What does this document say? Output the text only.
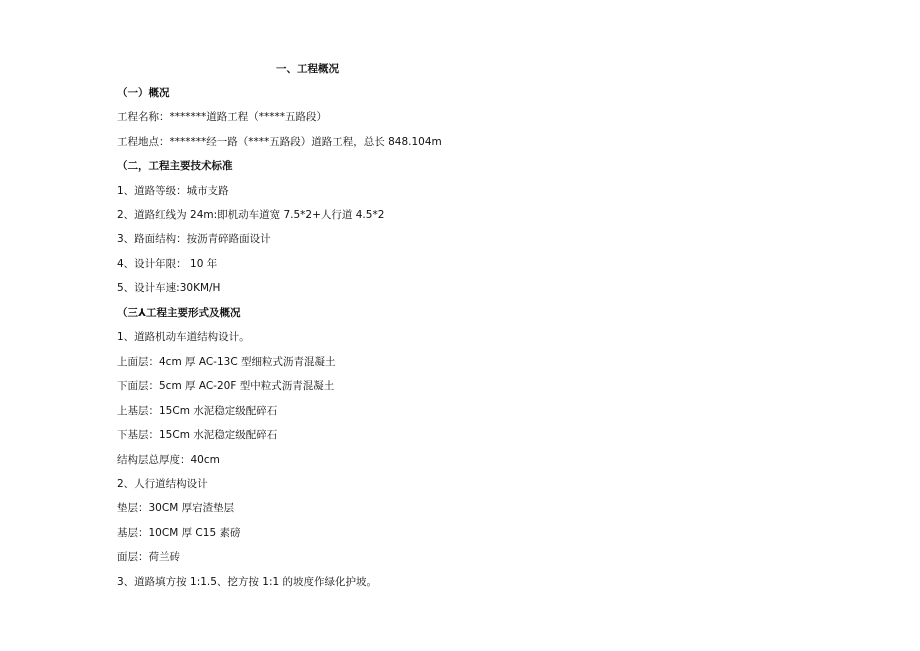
一、工程概况

（一）概况

工程名称：*******道路工程（*****五路段）

工程地点：*******经一路（****五路段）道路工程，总长 848.104m

（二，工程主要技术标准

1、道路等级：城市支路

2、道路红线为 24m:即机动车道宽 7.5*2+人行道 4.5*2

3、路面结构：按沥青碎路面设计

4、设计年限： 10 年

5、设计车速:30KM/H

（三⅄工程主要形式及概况

1、道路机动车道结构设计。

上面层：4cm 厚 AC-13C 型细粒式沥青混凝土

下面层：5cm 厚 AC-20F 型中粒式沥青混凝土

上基层：15Cm 水泥稳定级配碎石

下基层：15Cm 水泥稳定级配碎石

结构层总厚度：40cm

2、人行道结构设计

垫层：30CM 厚宕渣垫层

基层：10CM 厚 C15 素磅

面层：荷兰砖

3、道路填方按 1:1.5、挖方按 1:1 的坡度作绿化护坡。
